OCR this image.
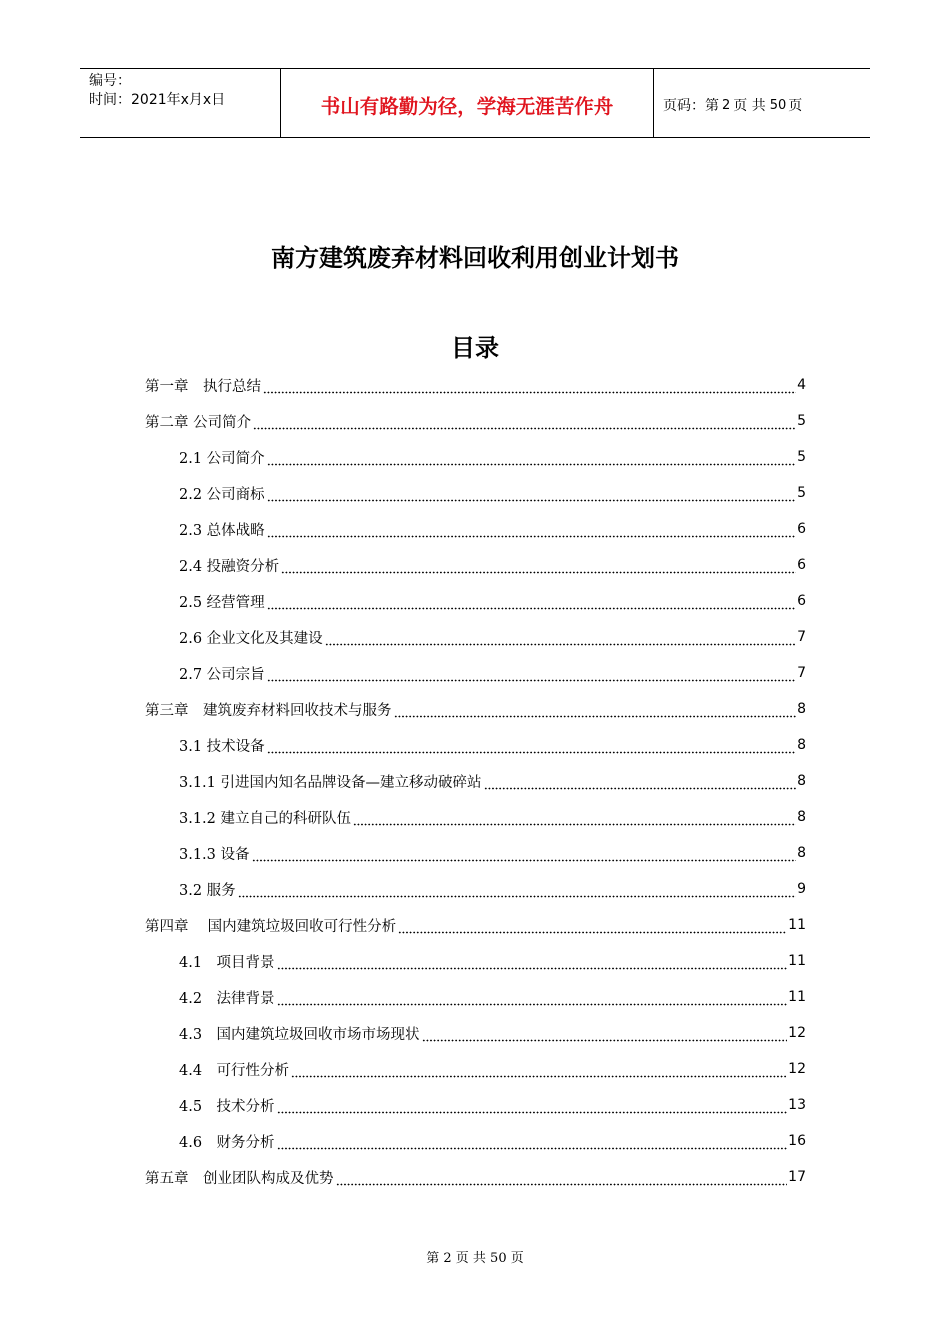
编号：
时间：2021年x月x日	书山有路勤为径，学海无涯苦作舟	页码：第 2 页 共 50 页
南方建筑废弃材料回收利用创业计划书
目录
第一章　执行总结	4
第二章 公司简介	5
2.1 公司简介	5
2.2 公司商标	5
2.3 总体战略	6
2.4 投融资分析	6
2.5 经营管理	6
2.6 企业文化及其建设	7
2.7 公司宗旨	7
第三章　建筑废弃材料回收技术与服务	8
3.1 技术设备	8
3.1.1 引进国内知名品牌设备—建立移动破碎站	8
3.1.2 建立自己的科研队伍	8
3.1.3 设备	8
3.2 服务	9
第四章　 国内建筑垃圾回收可行性分析	11
4.1　项目背景	11
4.2　法律背景	11
4.3　国内建筑垃圾回收市场市场现状	12
4.4　可行性分析	12
4.5　技术分析	13
4.6　财务分析	16
第五章　创业团队构成及优势	17
第 2 页 共 50 页
